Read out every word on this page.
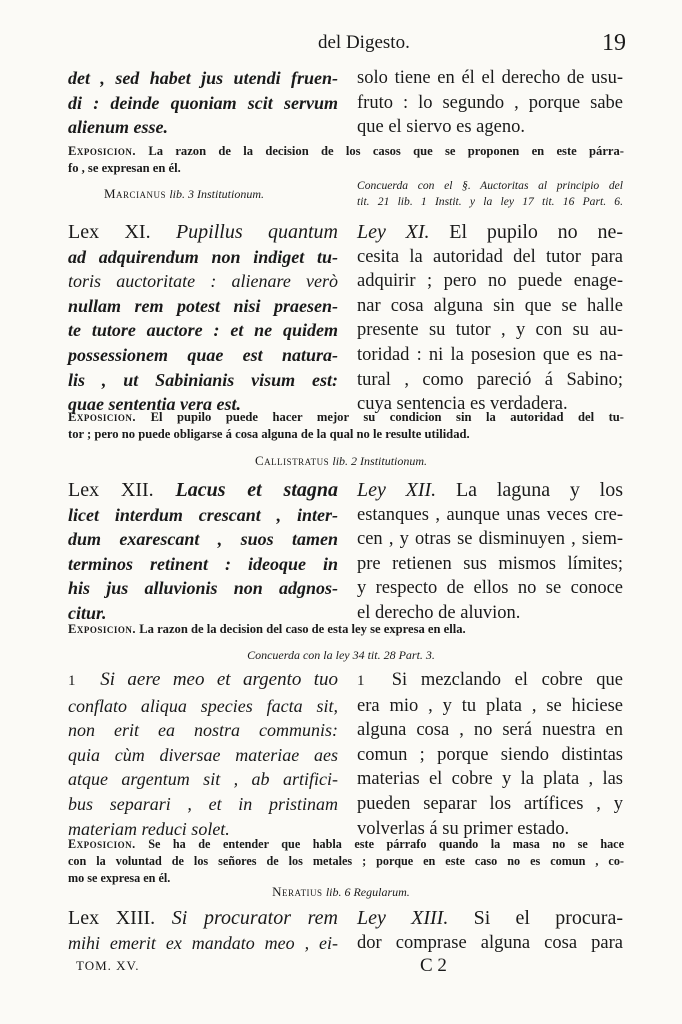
del Digesto.	19
det , sed habet jus utendi fruen-
di : deinde quoniam scit servum
alienum esse.
solo tiene en él el derecho de usu-
fruto : lo segundo , porque sabe
que el siervo es ageno.
Exposicion. La razon de la decision de los casos que se proponen en este párra-
fo , se expresan en él.
Marcianus lib. 3 Institutionum.
Concuerda con el §. Auctoritas al principio del
tit. 21 lib. 1 Instit. y la ley 17 tit. 16 Part. 6.
Lex XI. Pupillus quantum
ad adquirendum non indiget tu-
toris auctoritate : alienare verò
nullam rem potest nisi praesen-
te tutore auctore : et ne quidem
possessionem quae est natura-
lis , ut Sabinianis visum est:
quae sententia vera est.
Ley XI. El pupilo no ne-
cesita la autoridad del tutor para
adquirir ; pero no puede enage-
nar cosa alguna sin que se halle
presente su tutor , y con su au-
toridad : ni la posesion que es na-
tural , como pareció á Sabino;
cuya sentencia es verdadera.
Exposicion. El pupilo puede hacer mejor su condicion sin la autoridad del tu-
tor ; pero no puede obligarse á cosa alguna de la qual no le resulte utilidad.
Callistratus lib. 2 Institutionum.
Lex XII. Lacus et stagna
licet interdum crescant , inter-
dum exarescant , suos tamen
terminos retinent : ideoque in
his jus alluvionis non adgnos-
citur.
Ley XII. La laguna y los
estanques , aunque unas veces cre-
cen , y otras se disminuyen , siem-
pre retienen sus mismos límites;
y respecto de ellos no se conoce
el derecho de aluvion.
Exposicion. La razon de la decision del caso de esta ley se expresa en ella.
Concuerda con la ley 34 tit. 28 Part. 3.
1 Si aere meo et argento tuo
conflato aliqua species facta sit,
non erit ea nostra communis:
quia cùm diversae materiae aes
atque argentum sit , ab artifici-
bus separari , et in pristinam
materiam reduci solet.
1 Si mezclando el cobre que
era mio , y tu plata , se hiciese
alguna cosa , no será nuestra en
comun ; porque siendo distintas
materias el cobre y la plata , las
pueden separar los artífices , y
volverlas á su primer estado.
Exposicion. Se ha de entender que habla este párrafo quando la masa no se hace
con la voluntad de los señores de los metales ; porque en este caso no es comun , co-
mo se expresa en él.
Neratius lib. 6 Regularum.
Lex XIII. Si procurator rem
mihi emerit ex mandato meo , ei-
Ley XIII. Si el procura-
dor comprase alguna cosa para
TOM. XV.	C 2
